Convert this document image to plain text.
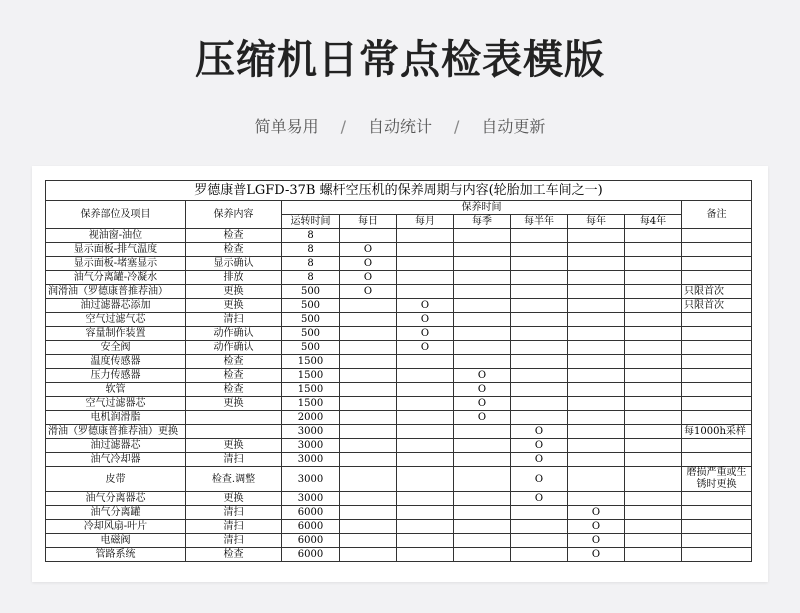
压缩机日常点检表模版
简单易用 / 自动统计 / 自动更新
罗德康普LGFD-37B 螺杆空压机的保养周期与内容(轮胎加工车间之一)									
保养部位及项目	保养内容	保养时间							备注
		运转时间	每日	每月	每季	每半年	每年	每4年	
视油窗-油位	检查	8							
显示面板-排气温度	检查	8	O						
显示面板-堵塞显示	显示确认	8	O						
油气分离罐-冷凝水	排放	8	O						
润滑油（罗德康普推荐油）	更换	500	O						只限首次
油过滤器芯添加	更换	500		O					只限首次
空气过滤气芯	清扫	500		O					
容量制作装置	动作确认	500		O					
安全阀	动作确认	500		O					
温度传感器	检查	1500							
压力传感器	检查	1500			O				
软管	检查	1500			O				
空气过滤器芯	更换	1500			O				
电机润滑脂		2000			O				
滑油（罗德康普推荐油）更换		3000				O			每1000h采样
油过滤器芯	更换	3000				O			
油气冷却器	清扫	3000				O			
皮带	检查.调整	3000				O			磨损严重或生锈时更换
油气分离器芯	更换	3000				O			
油气分离罐	清扫	6000					O		
冷却风扇-叶片	清扫	6000					O		
电磁阀	清扫	6000					O		
管路系统	检查	6000					O		
